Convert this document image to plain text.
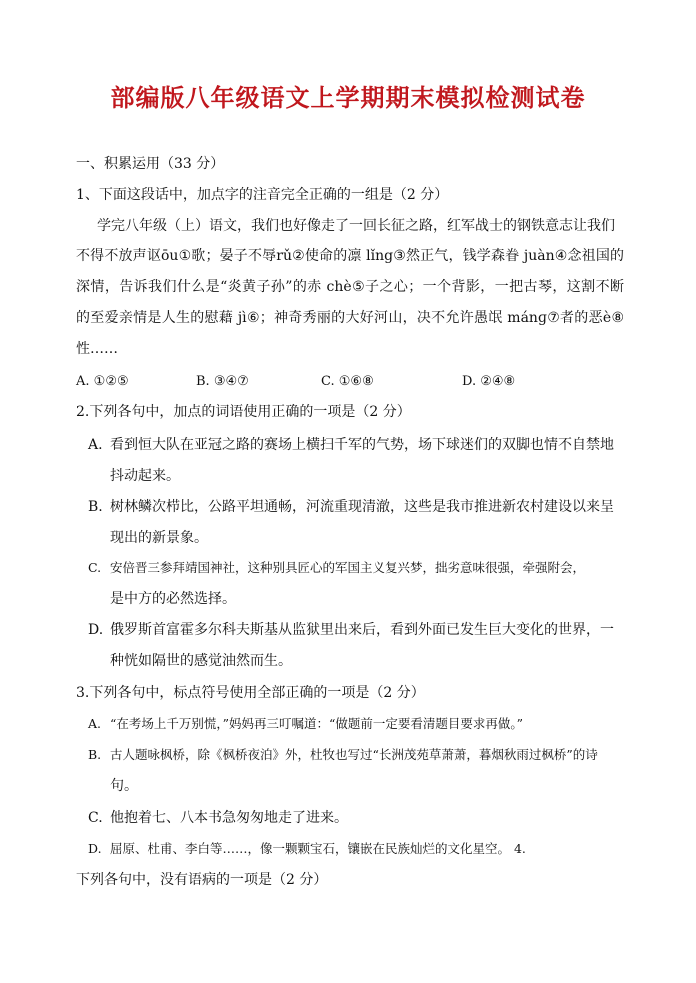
部编版八年级语文上学期期末模拟检测试卷
一、积累运用（33 分）
1、下面这段话中，加点字的注音完全正确的一组是（2 分）
学完八年级（上）语文，我们也好像走了一回长征之路，红军战士的钢铁意志让我们
不得不放声讴ōu①歌；晏子不辱rǔ②使命的凛 lǐng③然正气，钱学森眷 juàn④念祖国的
深情，告诉我们什么是“炎黄子孙”的赤 chè⑤子之心；一个背影，一把古琴，这割不断
的至爱亲情是人生的慰藉 jì⑥；神奇秀丽的大好河山，决不允许愚氓 mánɡ⑦者的恶è⑧
性……
A. ①②⑤	B. ③④⑦	C. ①⑥⑧	D. ②④⑧
2.下列各句中，加点的词语使用正确的一项是（2 分）
A. 看到恒大队在亚冠之路的赛场上横扫千军的气势，场下球迷们的双脚也情不自禁地
抖动起来。
B. 树林鳞次栉比，公路平坦通畅，河流重现清澈，这些是我市推进新农村建设以来呈
现出的新景象。
C. 安倍晋三参拜靖国神社，这种别具匠心的军国主义复兴梦，拙劣意味很强，牵强附会，
是中方的必然选择。
D. 俄罗斯首富霍多尔科夫斯基从监狱里出来后，看到外面已发生巨大变化的世界，一
种恍如隔世的感觉油然而生。
3.下列各句中，标点符号使用全部正确的一项是（2 分）
A. “在考场上千万别慌，”妈妈再三叮嘱道：“做题前一定要看清题目要求再做。”
B. 古人题咏枫桥，除《枫桥夜泊》外，杜牧也写过“长洲茂苑草萧萧，暮烟秋雨过枫桥”的诗
句。
C. 他抱着七、八本书急匆匆地走了进来。
D. 屈原、杜甫、李白等……，像一颗颗宝石，镶嵌在民族灿烂的文化星空。 4.
下列各句中，没有语病的一项是（2 分）
